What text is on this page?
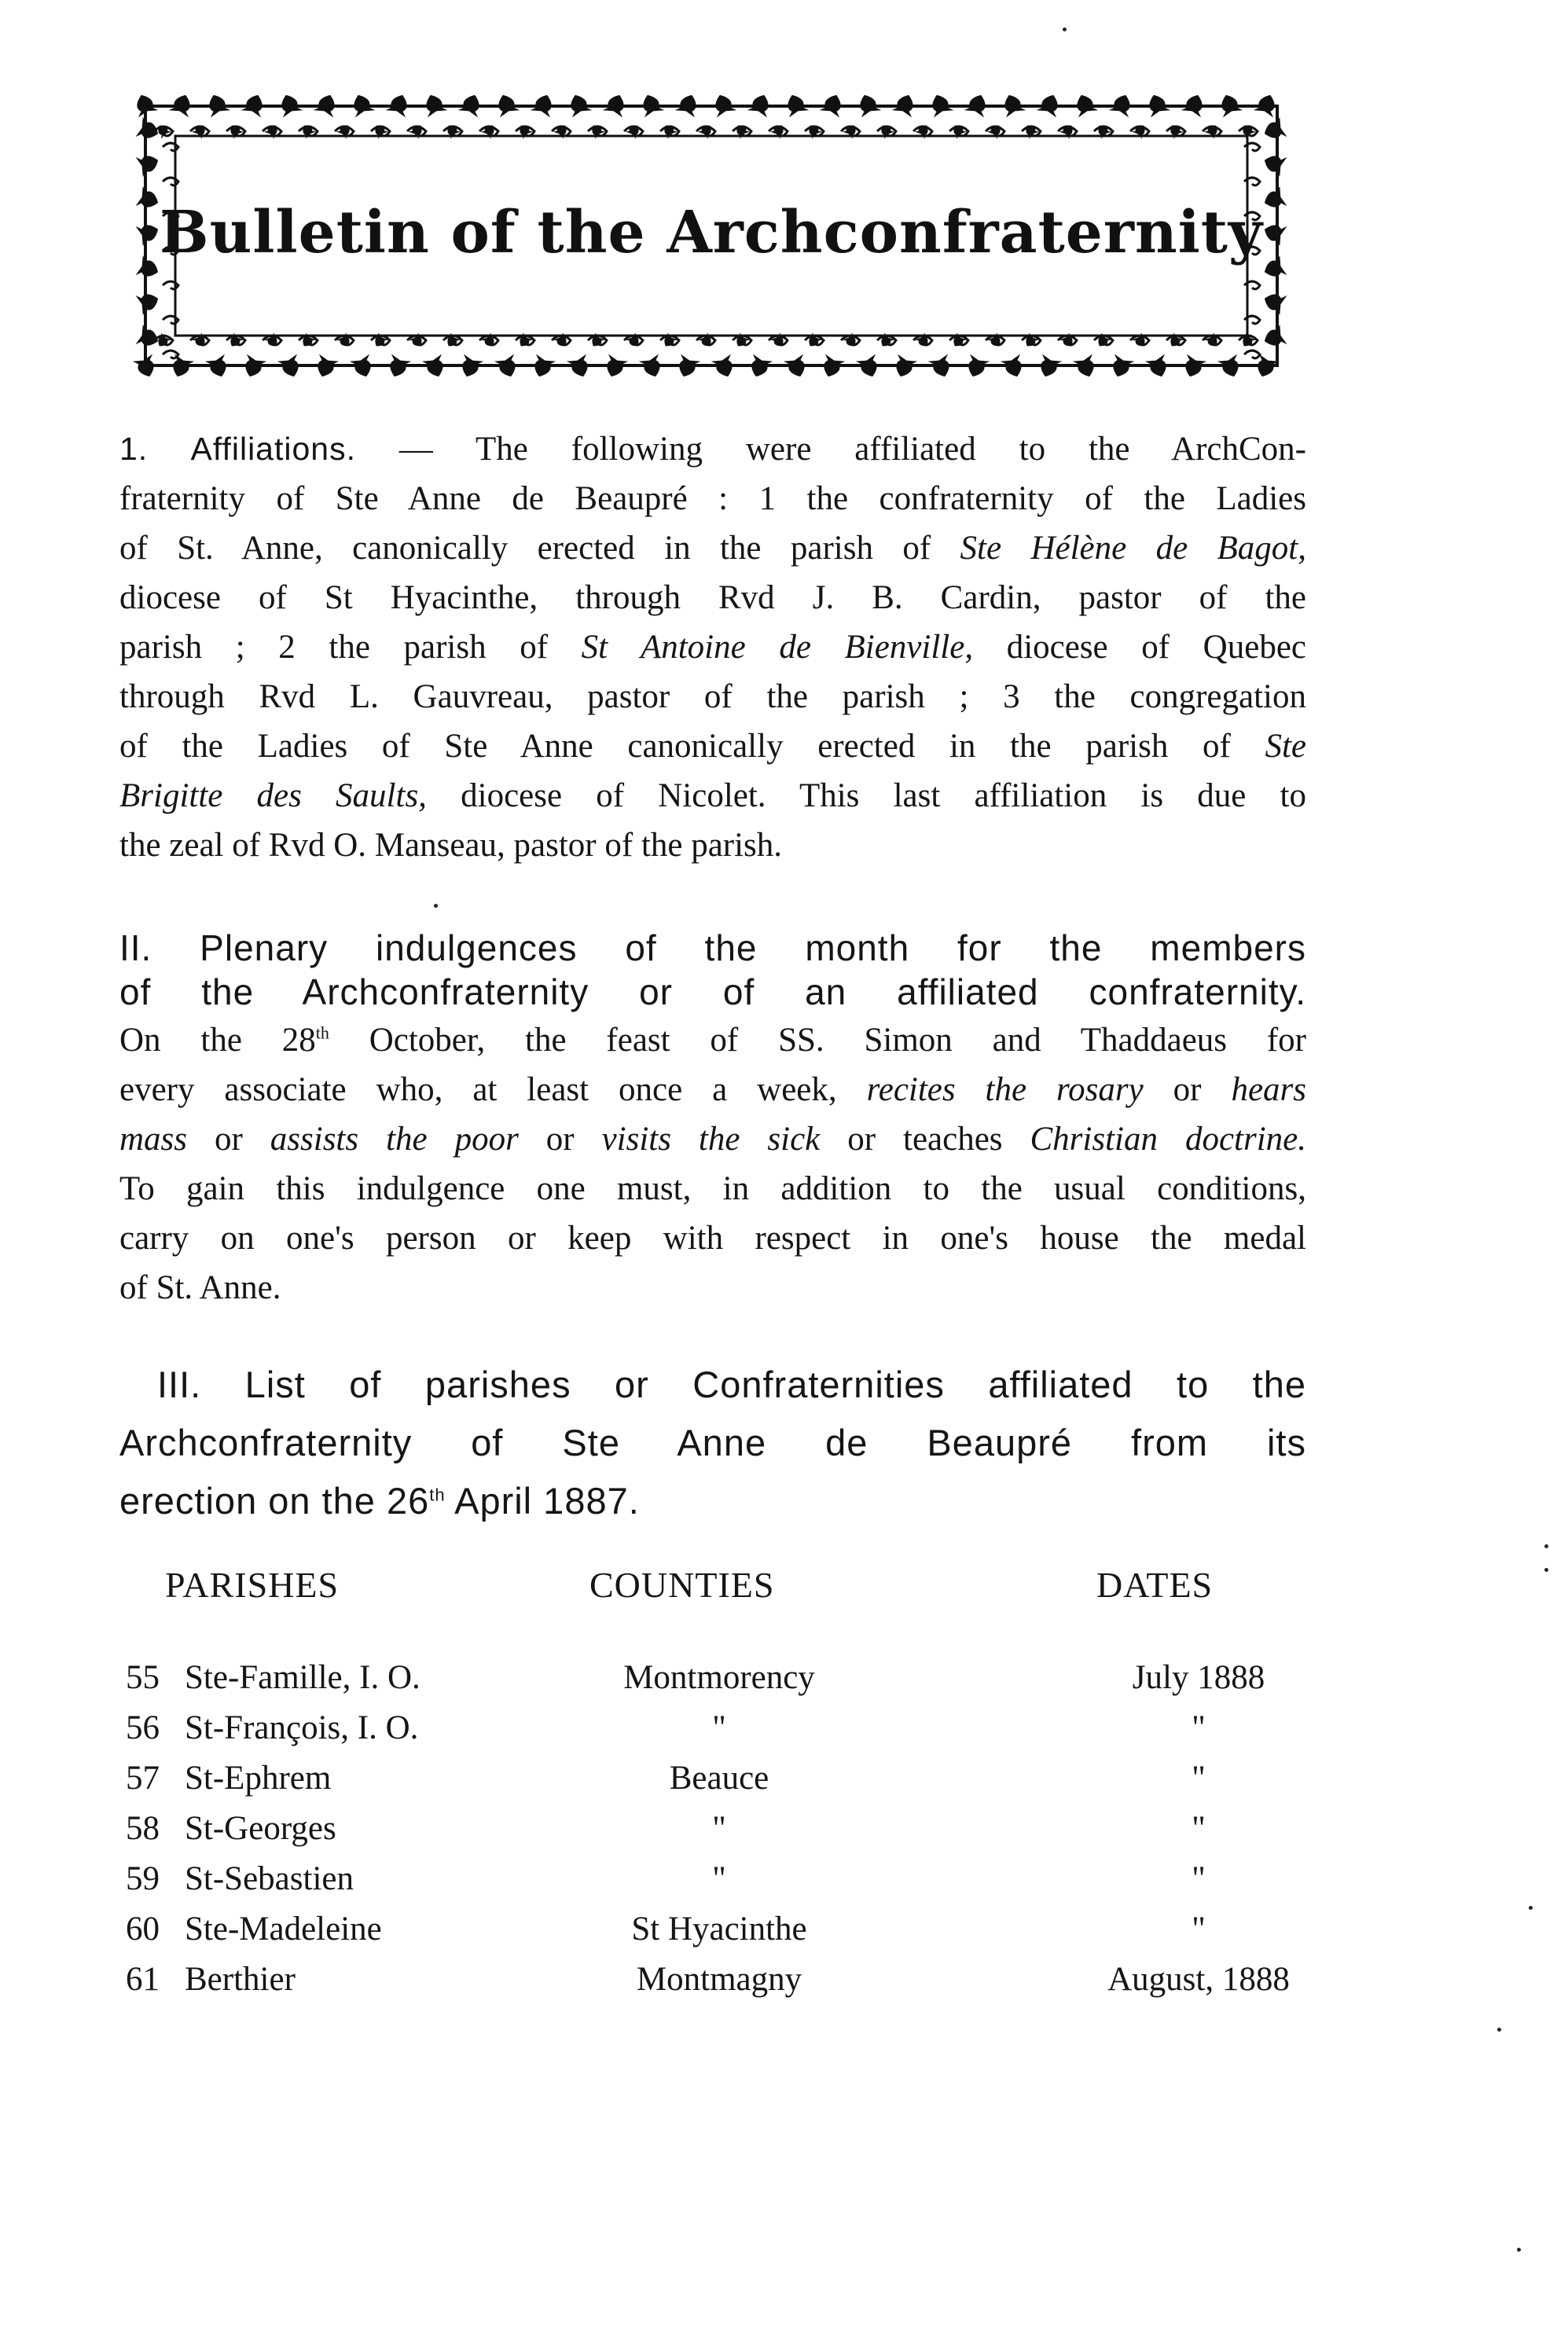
Bulletin of the Archconfraternity
1. Affiliations. — The following were affiliated to the ArchCon-
fraternity of Ste Anne de Beaupré : 1 the confraternity of the Ladies
of St. Anne, canonically erected in the parish of Ste Hélène de Bagot,
diocese of St Hyacinthe, through Rvd J. B. Cardin, pastor of the
parish ; 2 the parish of St Antoine de Bienville, diocese of Quebec
through Rvd L. Gauvreau, pastor of the parish ; 3 the congregation
of the Ladies of Ste Anne canonically erected in the parish of Ste
Brigitte des Saults, diocese of Nicolet. This last affiliation is due to
the zeal of Rvd O. Manseau, pastor of the parish.
II. Plenary indulgences of the month for the members
of the Archconfraternity or of an affiliated confraternity.
On the 28th October, the feast of SS. Simon and Thaddaeus for
every associate who, at least once a week, recites the rosary or hears
mass or assists the poor or visits the sick or teaches Christian doctrine.
To gain this indulgence one must, in addition to the usual conditions,
carry on one's person or keep with respect in one's house the medal
of St. Anne.
III. List of parishes or Confraternities affiliated to the
Archconfraternity of Ste Anne de Beaupré from its
erection on the 26th April 1887.
PARISHES	COUNTIES	DATES
55 Ste-Famille, I. O.	Montmorency	July 1888
56 St-François, I. O.	"	"
57 St-Ephrem	Beauce	"
58 St-Georges	"	"
59 St-Sebastien	"	"
60 Ste-Madeleine	St Hyacinthe	"
61 Berthier	Montmagny	August, 1888
